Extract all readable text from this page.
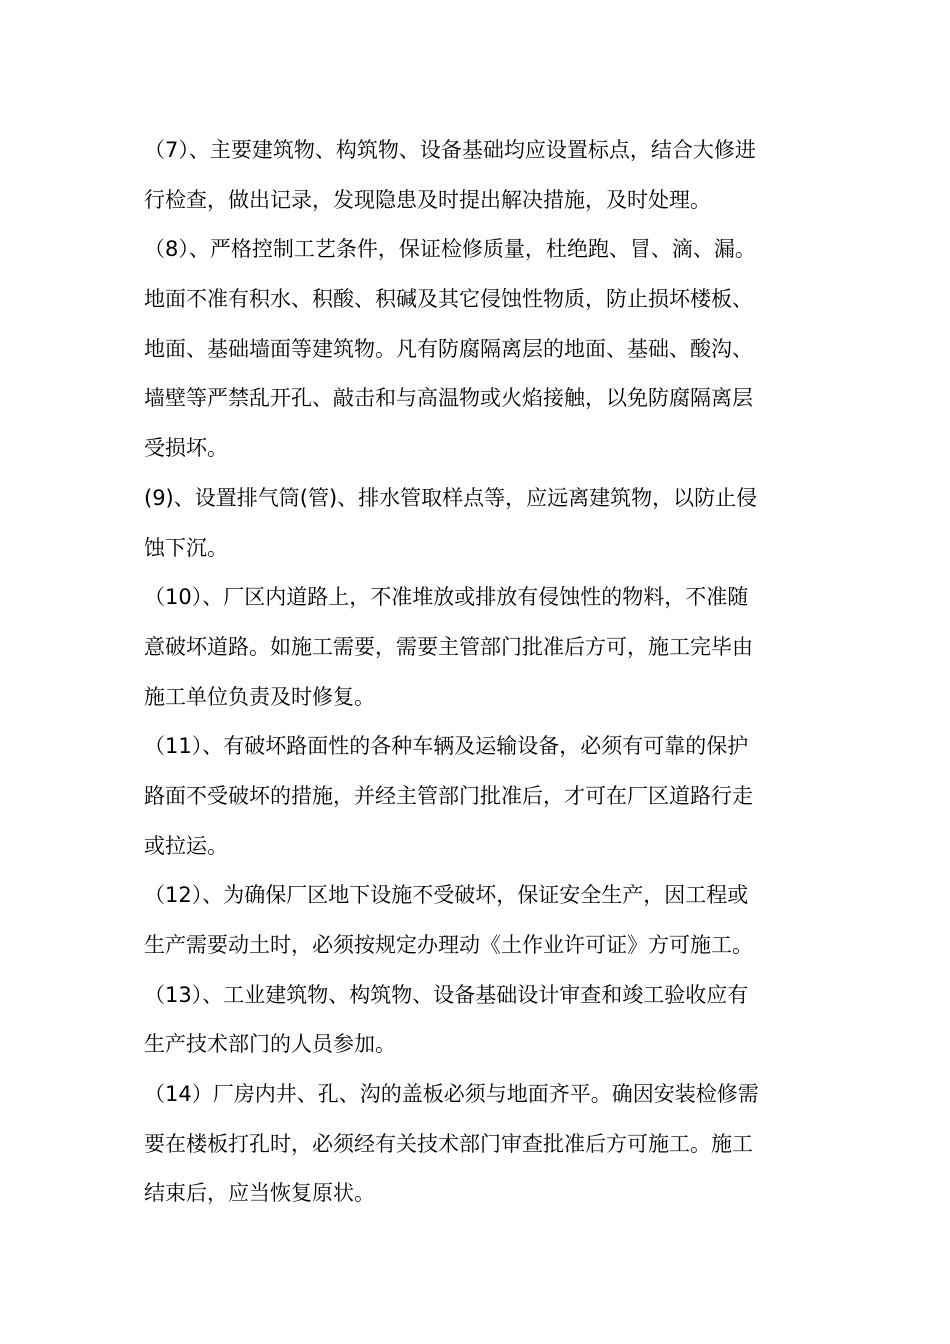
（7）、主要建筑物、构筑物、设备基础均应设置标点，结合大修进
行检查，做出记录，发现隐患及时提出解决措施，及时处理。
（8）、严格控制工艺条件，保证检修质量，杜绝跑、冒、滴、漏。
地面不准有积水、积酸、积碱及其它侵蚀性物质，防止损坏楼板、
地面、基础墙面等建筑物。凡有防腐隔离层的地面、基础、酸沟、
墙壁等严禁乱开孔、敲击和与高温物或火焰接触，以免防腐隔离层
受损坏。
(9)、设置排气筒(管)、排水管取样点等，应远离建筑物，以防止侵
蚀下沉。
（10）、厂区内道路上，不准堆放或排放有侵蚀性的物料，不准随
意破坏道路。如施工需要，需要主管部门批准后方可，施工完毕由
施工单位负责及时修复。
（11）、有破坏路面性的各种车辆及运输设备，必须有可靠的保护
路面不受破坏的措施，并经主管部门批准后，才可在厂区道路行走
或拉运。
（12）、为确保厂区地下设施不受破坏，保证安全生产，因工程或
生产需要动土时，必须按规定办理动《土作业许可证》方可施工。
（13）、工业建筑物、构筑物、设备基础设计审查和竣工验收应有
生产技术部门的人员参加。
（14）厂房内井、孔、沟的盖板必须与地面齐平。确因安装检修需
要在楼板打孔时，必须经有关技术部门审查批准后方可施工。施工
结束后，应当恢复原状。
